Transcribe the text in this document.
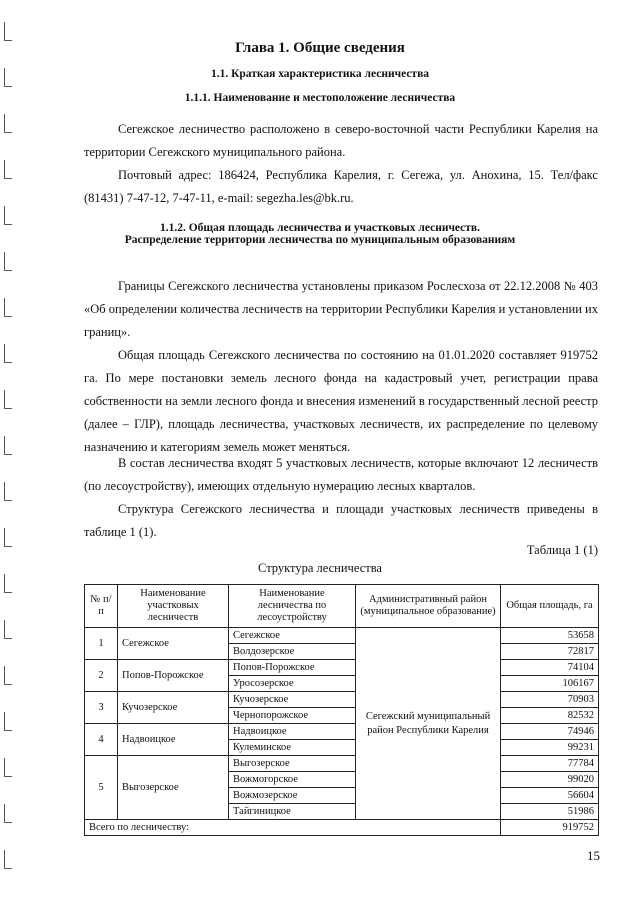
Глава 1. Общие сведения
1.1. Краткая характеристика лесничества
1.1.1. Наименование и местоположение лесничества

Сегежское лесничество расположено в северо-восточной части Республики Карелия на территории Сегежского муниципального района.

Почтовый адрес: 186424, Республика Карелия, г. Сегежа, ул. Анохина, 15. Тел/факс (81431) 7-47-12, 7-47-11, e-mail: segezha.les@bk.ru.

1.1.2. Общая площадь лесничества и участковых лесничеств.
Распределение территории лесничества по муниципальным образованиям

Границы Сегежского лесничества установлены приказом Рослесхоза от 22.12.2008 № 403 «Об определении количества лесничеств на территории Республики Карелия и установлении их границ».

Общая площадь Сегежского лесничества по состоянию на 01.01.2020 составляет 919752 га. По мере постановки земель лесного фонда на кадастровый учет, регистрации права собственности на земли лесного фонда и внесения изменений в государственный лесной реестр (далее – ГЛР), площадь лесничества, участковых лесничеств, их распределение по целевому назначению и категориям земель может меняться.

В состав лесничества входят 5 участковых лесничеств, которые включают 12 лесничеств (по лесоустройству), имеющих отдельную нумерацию лесных кварталов.

Структура Сегежского лесничества и площади участковых лесничеств приведены в таблице 1 (1).

Таблица 1 (1)
Структура лесничества
№ п/п	Наименование участковых лесничеств	Наименование лесничества по лесоустройству	Административный район (муниципальное образование)	Общая площадь, га
1	Сегежское	Сегежское	Сегежский муниципальный район Республики Карелия	53658
		Волдозерское		72817
2	Попов-Порожское	Попов-Порожское		74104
		Уросозерское		106167
3	Кучозерское	Кучозерское		70903
		Чернопорожское		82532
4	Надвоицкое	Надвоицкое		74946
		Кулеминское		99231
5	Выгозерское	Выгозерское		77784
		Вожмогорское		99020
		Вожмозерское		56604
		Тайгиницкое		51986
Всего по лесничеству:				919752
15
